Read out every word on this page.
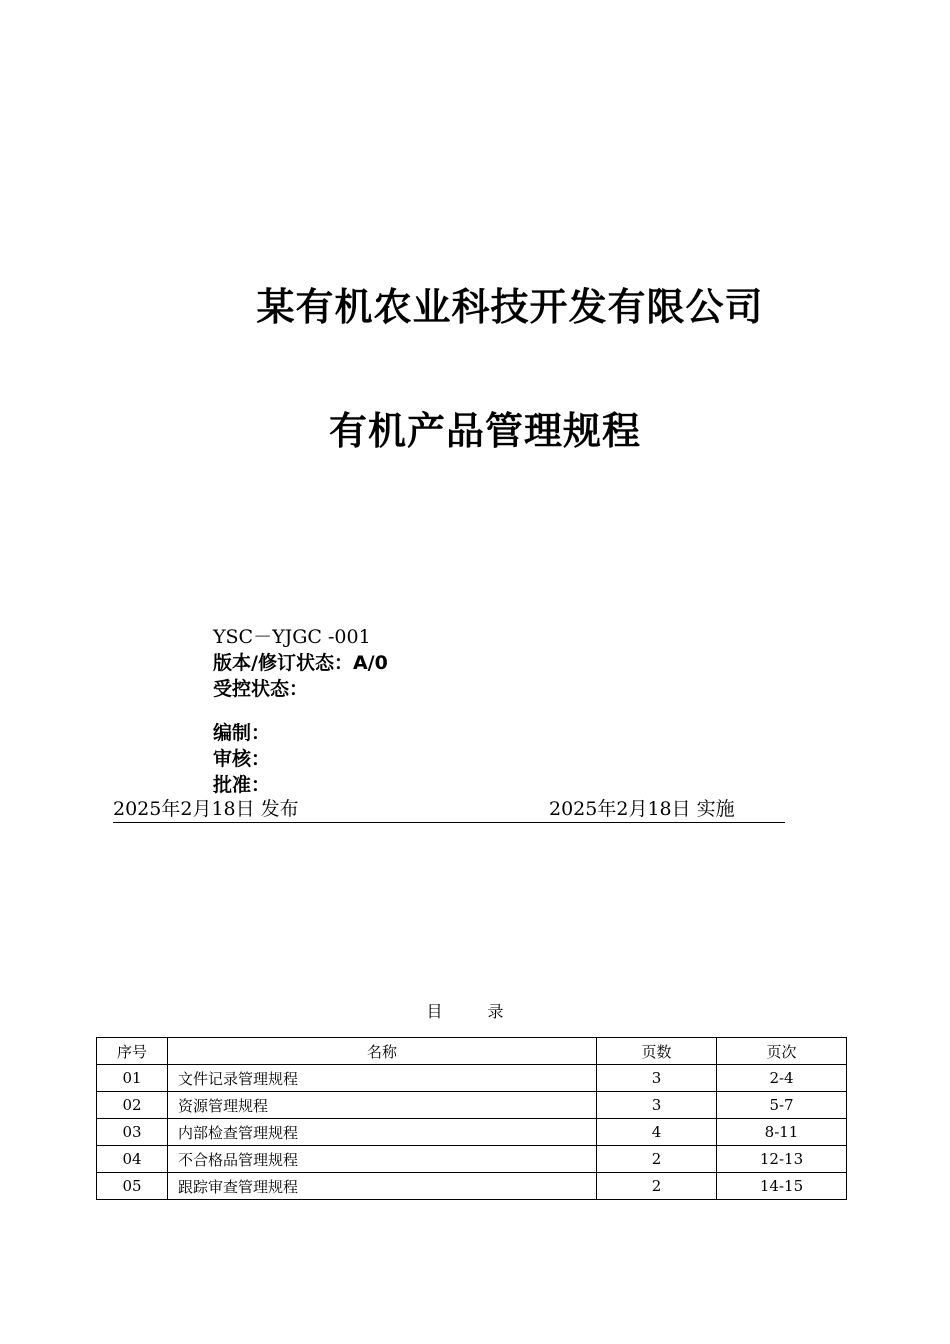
某有机农业科技开发有限公司
有机产品管理规程
YSC－YJGC -001
版本/修订状态：A/0
受控状态：
编制：
审核：
批准：
2025年2月18日 发布	2025年2月18日 实施
目 录
序号	名称	页数	页次
01	文件记录管理规程	3	2-4
02	资源管理规程	3	5-7
03	内部检查管理规程	4	8-11
04	不合格品管理规程	2	12-13
05	跟踪审查管理规程	2	14-15
